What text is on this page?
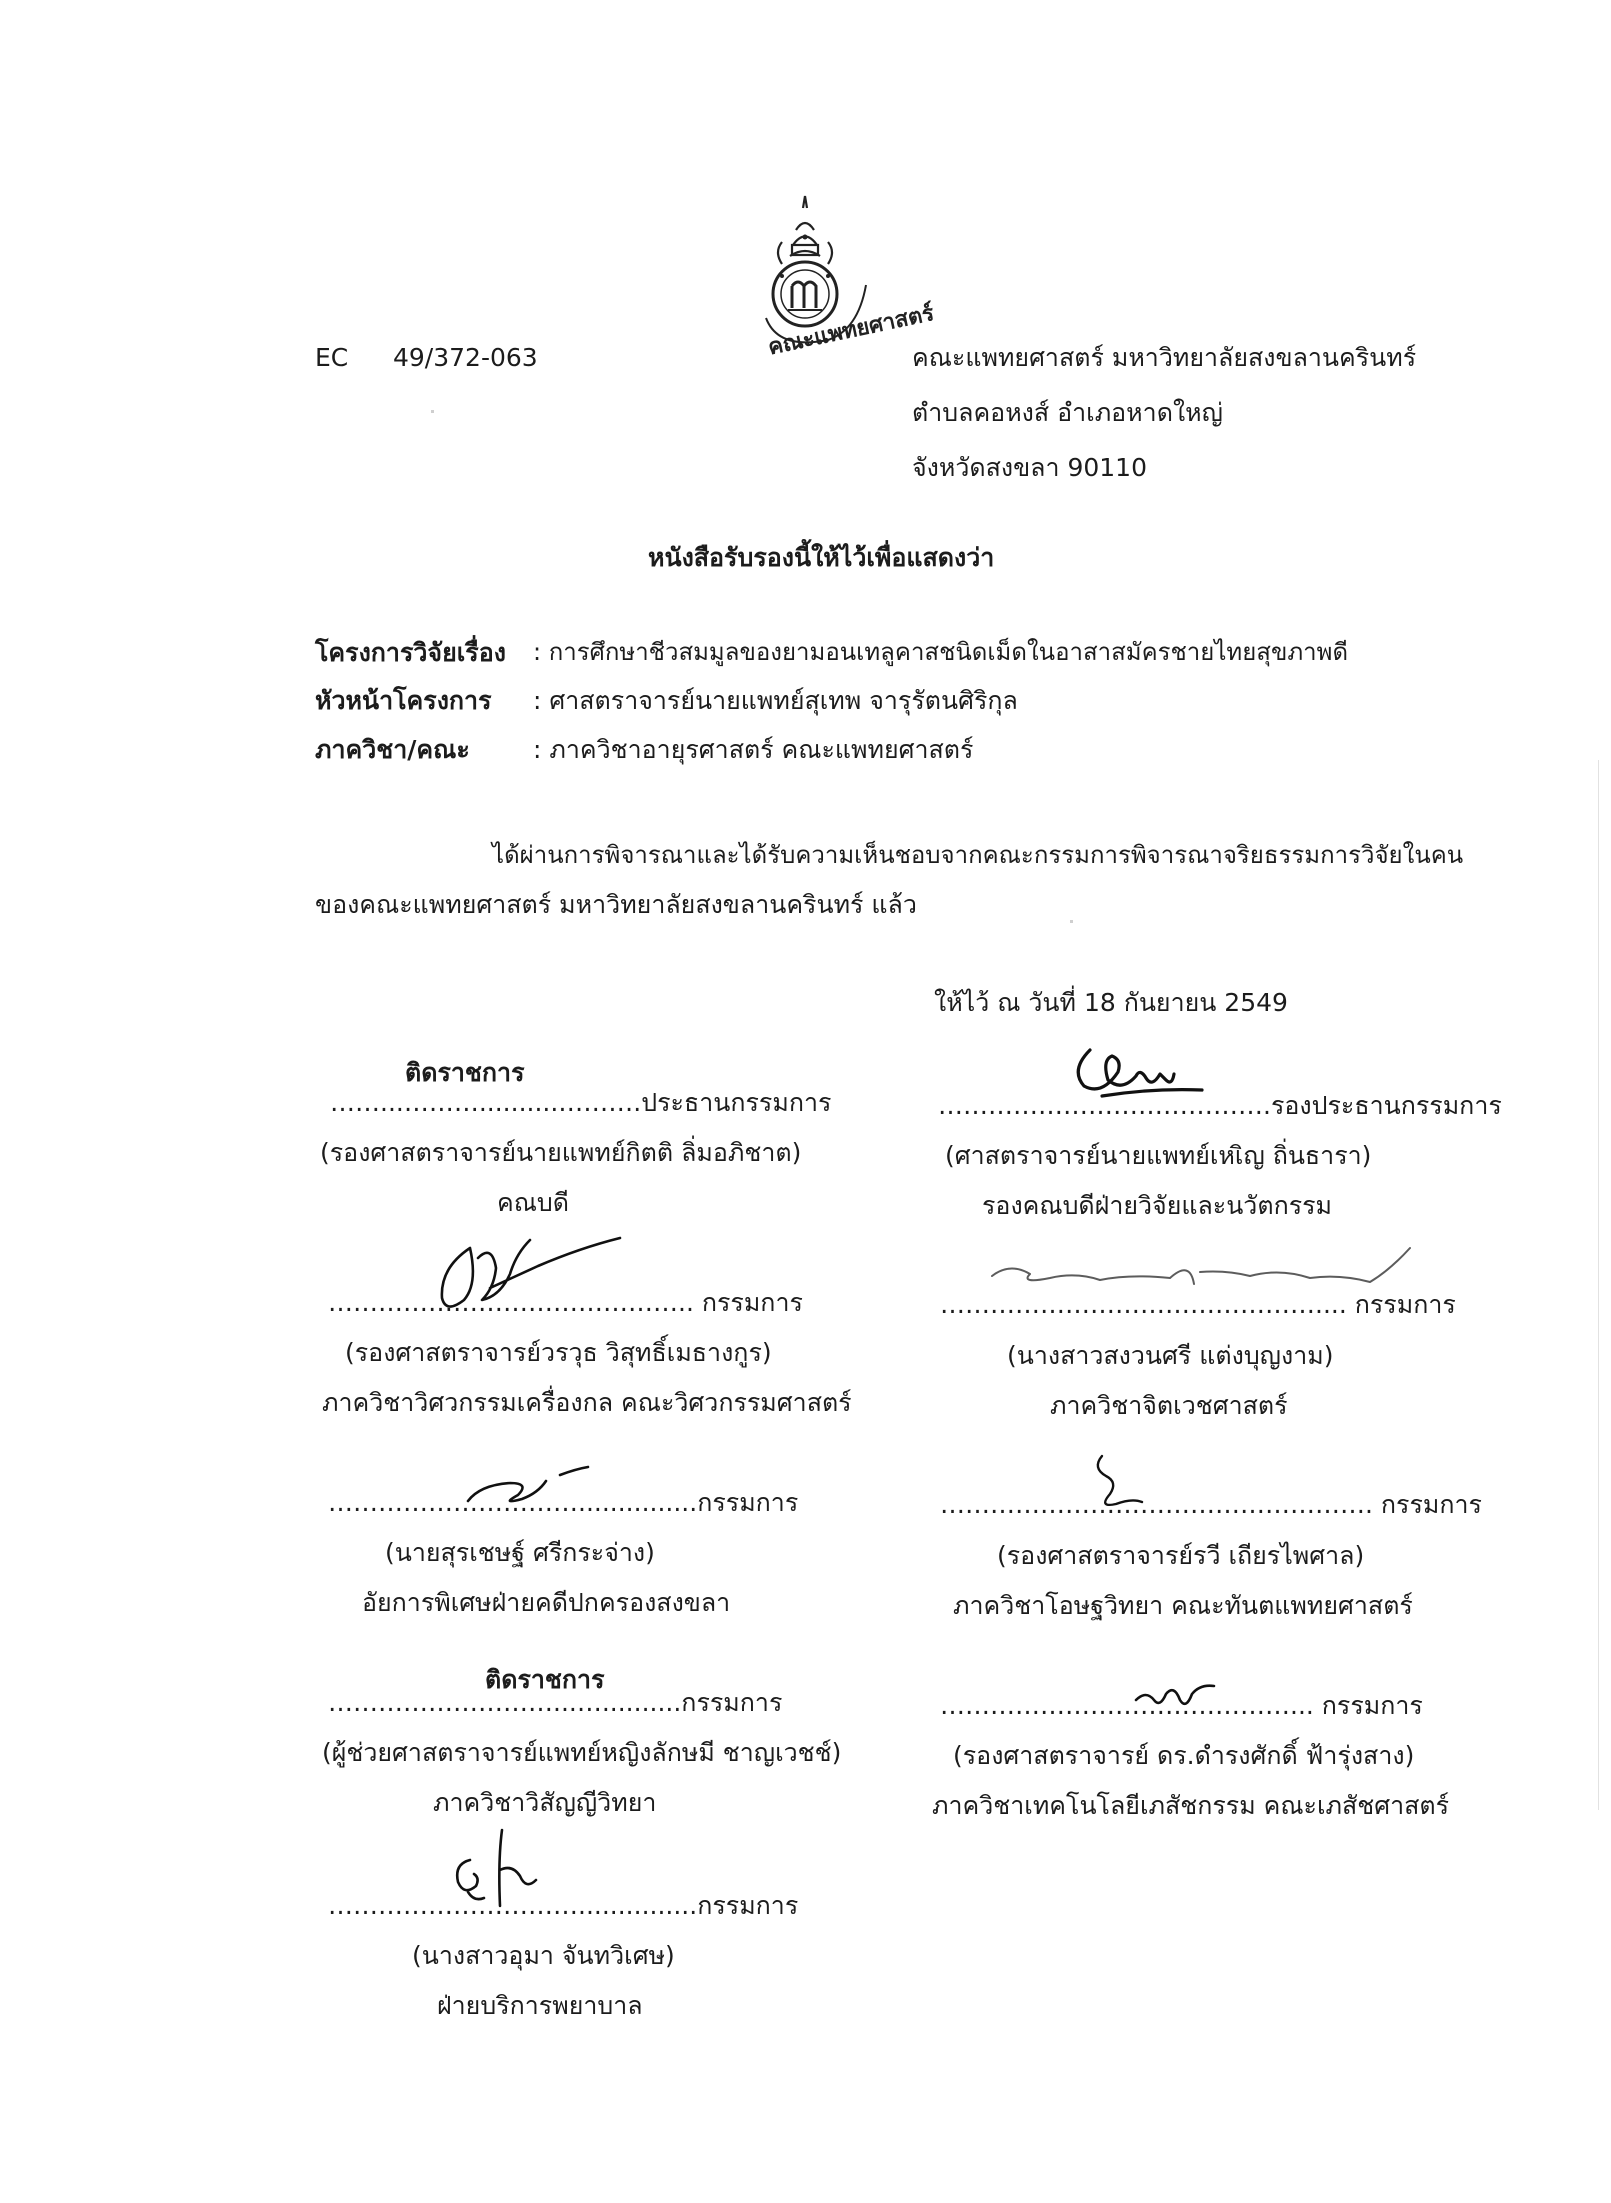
คณะแพทยศาสตร์
EC 49/372-063	คณะแพทยศาสตร์ มหาวิทยาลัยสงขลานครินทร์
ตำบลคอหงส์ อำเภอหาดใหญ่
จังหวัดสงขลา 90110
หนังสือรับรองนี้ให้ไว้เพื่อแสดงว่า
โครงการวิจัยเรื่อง : การศึกษาชีวสมมูลของยามอนเทลูคาสชนิดเม็ดในอาสาสมัครชายไทยสุขภาพดี
หัวหน้าโครงการ : ศาสตราจารย์นายแพทย์สุเทพ จารุรัตนศิริกุล
ภาควิชา/คณะ	: ภาควิชาอายุรศาสตร์ คณะแพทยศาสตร์
ได้ผ่านการพิจารณาและได้รับความเห็นชอบจากคณะกรรมการพิจารณาจริยธรรมการวิจัยในคน
ของคณะแพทยศาสตร์ มหาวิทยาลัยสงขลานครินทร์ แล้ว
ให้ไว้ ณ วันที่ 18 กันยายน 2549
ติดราชการ
……...………..........……….ประธานกรรมการ
(รองศาสตราจารย์นายแพทย์กิตติ ลิ่มอภิชาต)
คณบดี
………………………………….รองประธานกรรมการ
(ศาสตราจารย์นายแพทย์เหเิญ ถิ่นธารา)
รองคณบดีฝ่ายวิจัยและนวัตกรรม
…………………………………….. กรรมการ
(รองศาสตราจารย์วรวุธ วิสุทธิ์เมธางกูร)
ภาควิชาวิศวกรรมเครื่องกล คณะวิศวกรรมศาสตร์
……………………………………….... กรรมการ
(นางสาวสงวนศรี แต่งบุญงาม)
ภาควิชาจิตเวชศาสตร์
…………………………...............กรรมการ
(นายสุรเชษฐ์ ศรีกระจ่าง)
อัยการพิเศษฝ่ายคดีปกครองสงขลา
……………………………………………. กรรมการ
(รองศาสตราจารย์รวี เถียรไพศาล)
ภาควิชาโอษฐวิทยา คณะทันตแพทยศาสตร์
ติดราชการ
………………………...…..........กรรมการ
(ผู้ช่วยศาสตราจารย์แพทย์หญิงลักษมี ชาญเวชช์)
ภาควิชาวิสัญญีวิทยา
……………………………………... กรรมการ
(รองศาสตราจารย์ ดร.ดำรงศักดิ์ ฟ้ารุ่งสาง)
ภาควิชาเทคโนโลยีเภสัชกรรม คณะเภสัชศาสตร์
…………………………...............กรรมการ
(นางสาวอุมา จันทวิเศษ)
ฝ่ายบริการพยาบาล
